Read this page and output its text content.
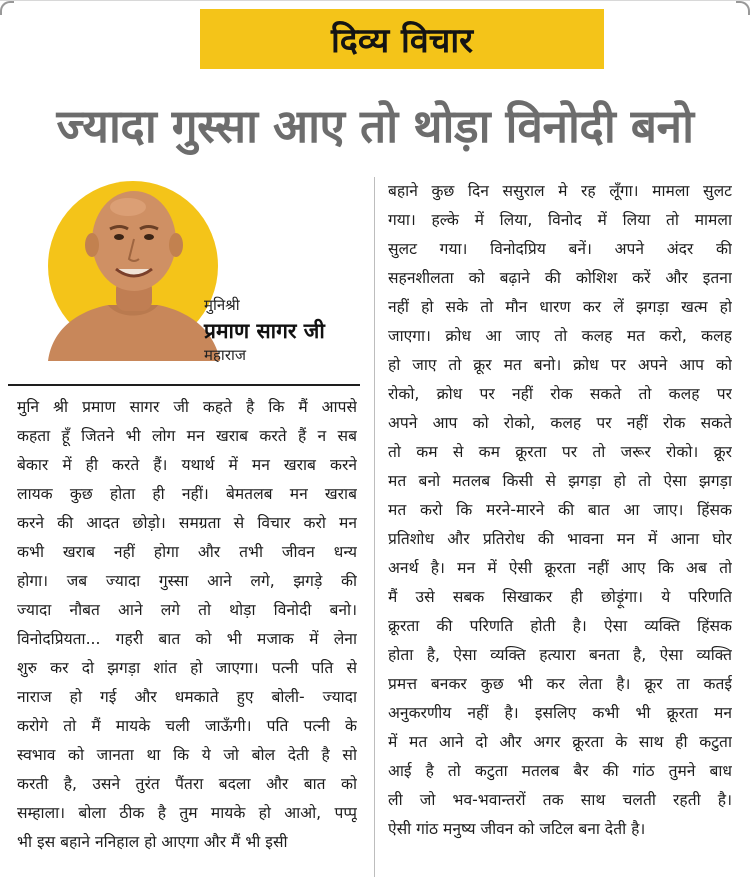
दिव्य विचार
ज्यादा गुस्सा आए तो थोड़ा विनोदी बनो
मुनिश्री
प्रमाण सागर जी
महाराज
मुनि श्री प्रमाण सागर जी कहते है कि मैं आपसे
कहता हूँ जितने भी लोग मन खराब करते हैं न सब
बेकार में ही करते हैं। यथार्थ में मन खराब करने
लायक कुछ होता ही नहीं। बेमतलब मन खराब
करने की आदत छोड़ो। समग्रता से विचार करो मन
कभी खराब नहीं होगा और तभी जीवन धन्य
होगा। जब ज्यादा गुस्सा आने लगे, झगड़े की
ज्यादा नौबत आने लगे तो थोड़ा विनोदी बनो।
विनोदप्रियता... गहरी बात को भी मजाक में लेना
शुरु कर दो झगड़ा शांत हो जाएगा। पत्नी पति से
नाराज हो गई और धमकाते हुए बोली- ज्यादा
करोगे तो मैं मायके चली जाऊँगी। पति पत्नी के
स्वभाव को जानता था कि ये जो बोल देती है सो
करती है, उसने तुरंत पैंतरा बदला और बात को
सम्हाला। बोला ठीक है तुम मायके हो आओ, पप्पू
भी इस बहाने ननिहाल हो आएगा और मैं भी इसी
बहाने कुछ दिन ससुराल मे रह लूँगा। मामला सुलट
गया। हल्के में लिया, विनोद में लिया तो मामला
सुलट गया। विनोदप्रिय बनें। अपने अंदर की
सहनशीलता को बढ़ाने की कोशिश करें और इतना
नहीं हो सके तो मौन धारण कर लें झगड़ा खत्म हो
जाएगा। क्रोध आ जाए तो कलह मत करो, कलह
हो जाए तो क्रूर मत बनो। क्रोध पर अपने आप को
रोको, क्रोध पर नहीं रोक सकते तो कलह पर
अपने आप को रोको, कलह पर नहीं रोक सकते
तो कम से कम क्रूरता पर तो जरूर रोको। क्रूर
मत बनो मतलब किसी से झगड़ा हो तो ऐसा झगड़ा
मत करो कि मरने-मारने की बात आ जाए। हिंसक
प्रतिशोध और प्रतिरोध की भावना मन में आना घोर
अनर्थ है। मन में ऐसी क्रूरता नहीं आए कि अब तो
मैं उसे सबक सिखाकर ही छोड़ूंगा। ये परिणति
क्रूरता की परिणति होती है। ऐसा व्यक्ति हिंसक
होता है, ऐसा व्यक्ति हत्यारा बनता है, ऐसा व्यक्ति
प्रमत्त बनकर कुछ भी कर लेता है। क्रूर ता कतई
अनुकरणीय नहीं है। इसलिए कभी भी क्रूरता मन
में मत आने दो और अगर क्रूरता के साथ ही कटुता
आई है तो कटुता मतलब बैर की गांठ तुमने बाध
ली जो भव-भवान्तरों तक साथ चलती रहती है।
ऐसी गांठ मनुष्य जीवन को जटिल बना देती है।
